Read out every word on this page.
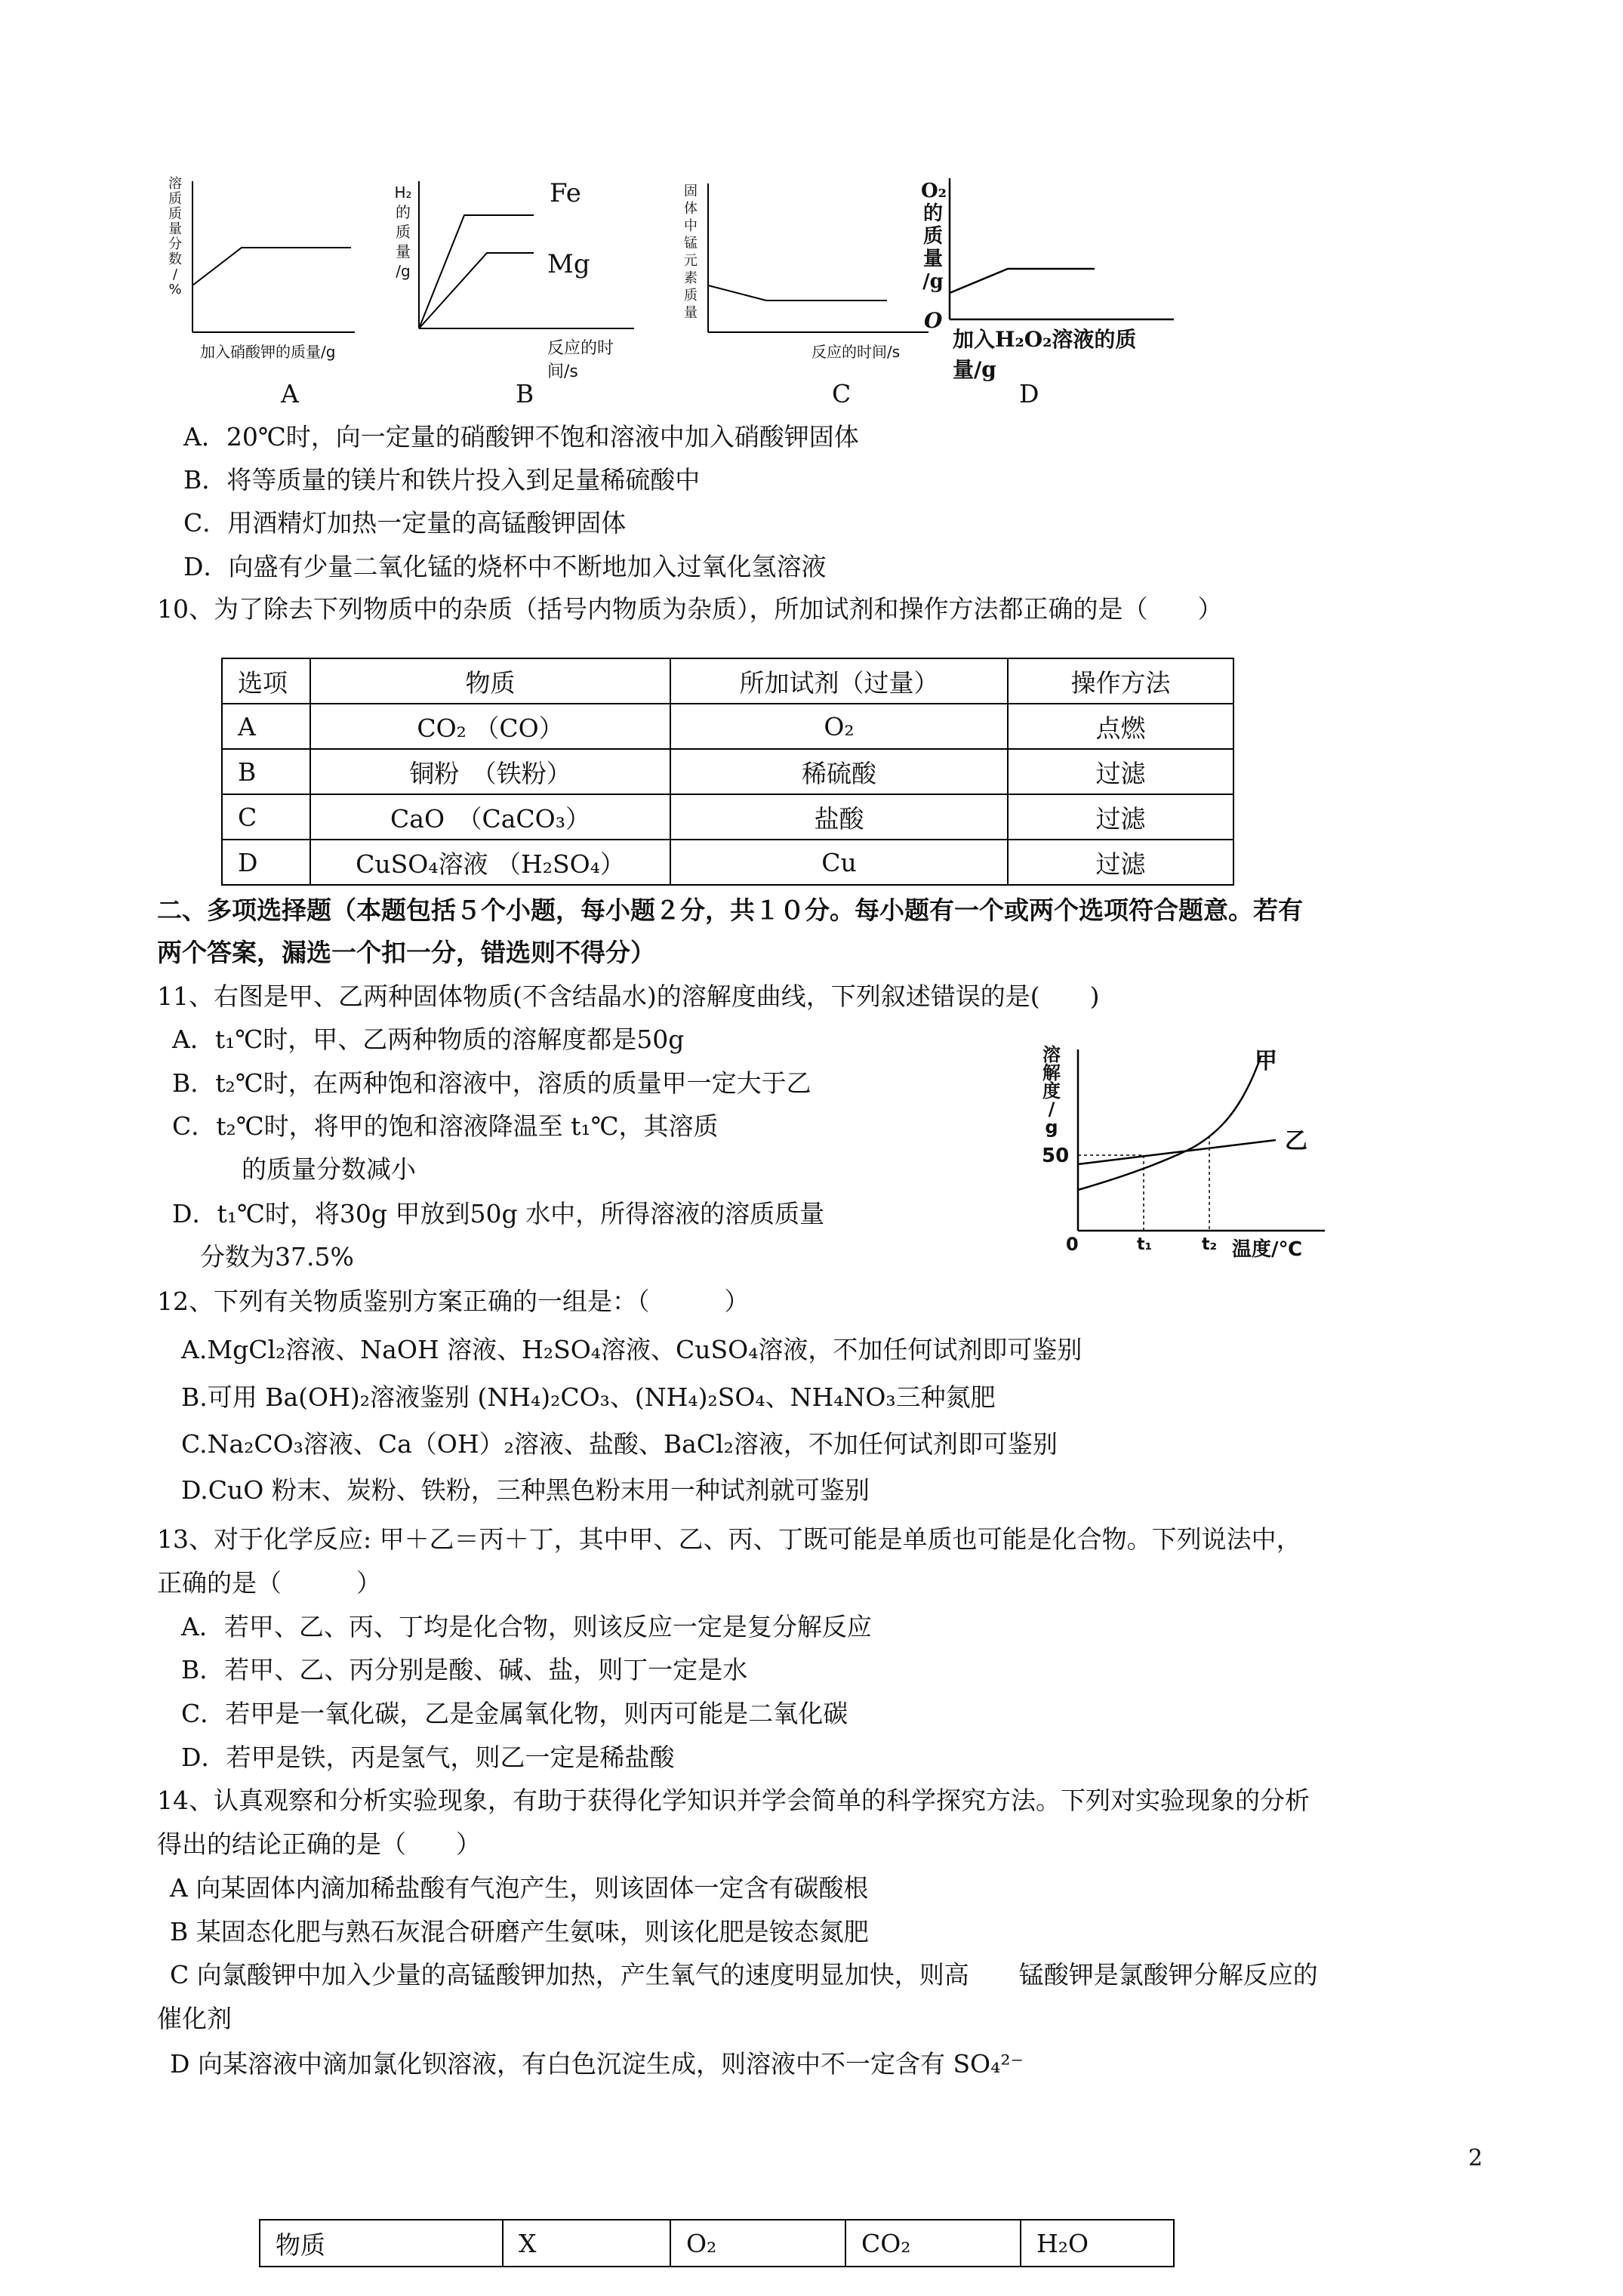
溶
质
质
量
分
数
/
%
加入硝酸钾的质量/g
A
H₂
的
质
量
/g
Fe
Mg
反应的时间/s
B
固
体
中
锰
元
素
质
量
反应的时间/s
C
O₂
的
质
量
/g
O
加入H₂O₂溶液的质量/g
D
A．20℃时，向一定量的硝酸钾不饱和溶液中加入硝酸钾固体
B．将等质量的镁片和铁片投入到足量稀硫酸中
C．用酒精灯加热一定量的高锰酸钾固体
D．向盛有少量二氧化锰的烧杯中不断地加入过氧化氢溶液
10、为了除去下列物质中的杂质（括号内物质为杂质），所加试剂和操作方法都正确的是（　　）
选项	物质	所加试剂（过量）	操作方法
A	CO₂ （CO）	O₂	点燃
B	铜粉　（铁粉）	稀硫酸	过滤
C	CaO　（CaCO₃）	盐酸	过滤
D	CuSO₄溶液 （H₂SO₄）	Cu	过滤
二、多项选择题（本题包括５个小题，每小题２分，共１０分。每小题有一个或两个选项符合题意。若有
两个答案，漏选一个扣一分，错选则不得分）
11、右图是甲、乙两种固体物质(不含结晶水)的溶解度曲线，下列叙述错误的是(　　)
A．t₁℃时，甲、乙两种物质的溶解度都是50g
B．t₂℃时，在两种饱和溶液中，溶质的质量甲一定大于乙
C．t₂℃时，将甲的饱和溶液降温至 t₁℃，其溶质
的质量分数减小
D．t₁℃时，将30g 甲放到50g 水中，所得溶液的溶质质量
分数为37.5%
溶
解
度
/
g
50
0	t₁	t₂ 温度/℃
甲
乙
12、下列有关物质鉴别方案正确的一组是：（　　　）
A.MgCl₂溶液、NaOH 溶液、H₂SO₄溶液、CuSO₄溶液，不加任何试剂即可鉴别
B.可用 Ba(OH)₂溶液鉴别 (NH₄)₂CO₃、(NH₄)₂SO₄、NH₄NO₃三种氮肥
C.Na₂CO₃溶液、Ca（OH）₂溶液、盐酸、BaCl₂溶液，不加任何试剂即可鉴别
D.CuO 粉末、炭粉、铁粉，三种黑色粉末用一种试剂就可鉴别
13、对于化学反应: 甲＋乙＝丙＋丁，其中甲、乙、丙、丁既可能是单质也可能是化合物。下列说法中，
正确的是（　　　）
A．若甲、乙、丙、丁均是化合物，则该反应一定是复分解反应
B．若甲、乙、丙分别是酸、碱、盐，则丁一定是水
C．若甲是一氧化碳，乙是金属氧化物，则丙可能是二氧化碳
D．若甲是铁，丙是氢气，则乙一定是稀盐酸
14、认真观察和分析实验现象，有助于获得化学知识并学会简单的科学探究方法。下列对实验现象的分析
得出的结论正确的是（　　）
A 向某固体内滴加稀盐酸有气泡产生，则该固体一定含有碳酸根
B 某固态化肥与熟石灰混合研磨产生氨味，则该化肥是铵态氮肥
C 向氯酸钾中加入少量的高锰酸钾加热，产生氧气的速度明显加快，则高　　锰酸钾是氯酸钾分解反应的
催化剂
D 向某溶液中滴加氯化钡溶液，有白色沉淀生成，则溶液中不一定含有 SO₄²⁻
2
物质	X	O₂	CO₂	H₂O
